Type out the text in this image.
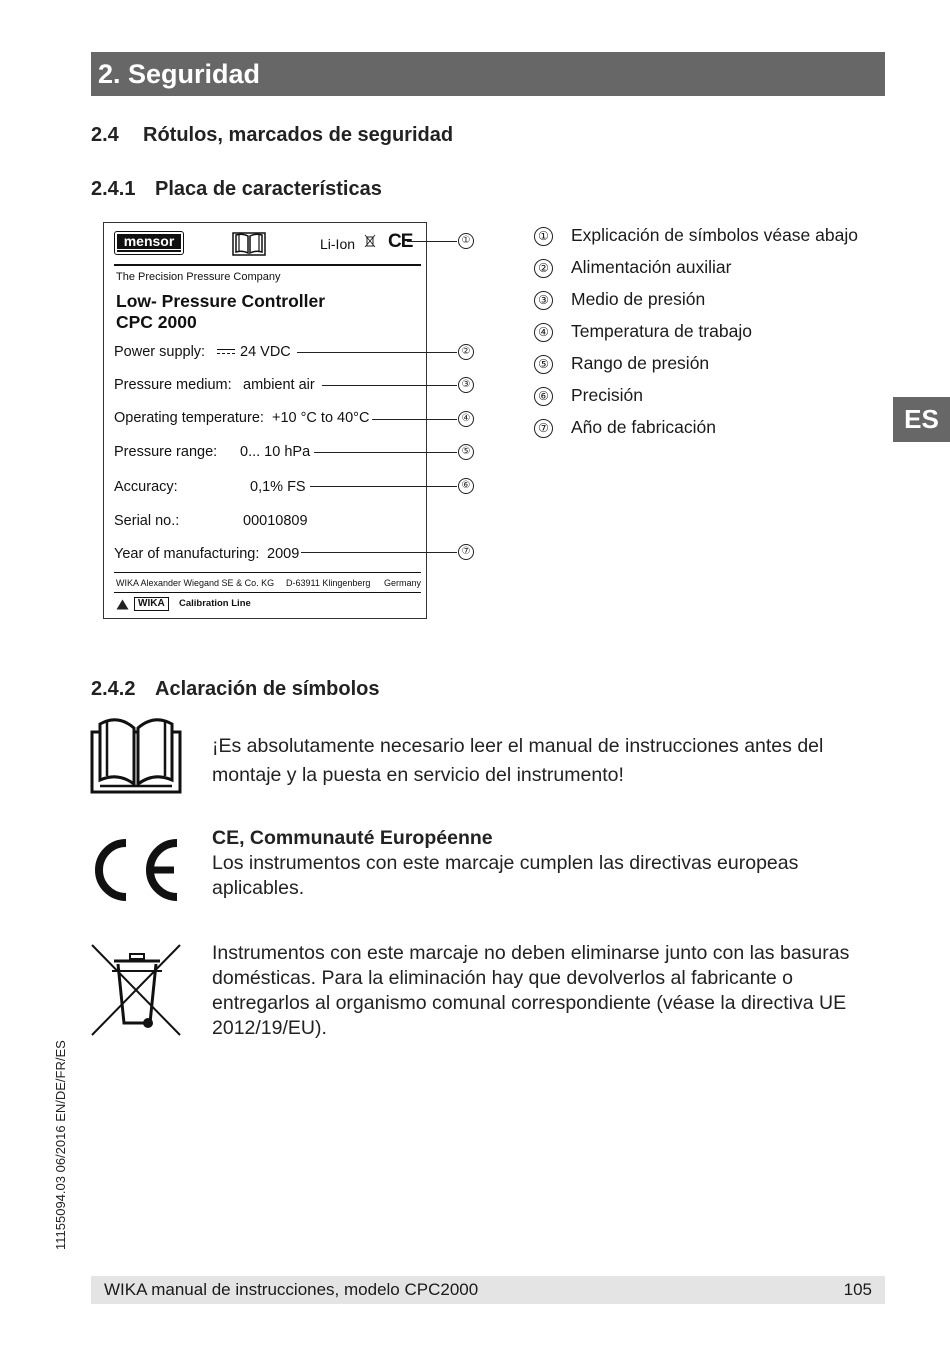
2. Seguridad
2.4 Rótulos, marcados de seguridad
2.4.1 Placa de características
mensor	Li-Ion CE
The Precision Pressure Company
Low- Pressure Controller
CPC 2000
Power supply: 24 VDC
Pressure medium: ambient air
Operating temperature: +10 °C to 40°C
Pressure range: 0... 10 hPa
Accuracy:	0,1% FS
Serial no.:	00010809
Year of manufacturing: 2009
WIKA Alexander Wiegand SE & Co. KG D-63911 Klingenberg Germany
WIKA	Calibration Line
①
②
③
④
⑤
⑥
⑦
① Explicación de símbolos véase abajo
② Alimentación auxiliar
③ Medio de presión
④ Temperatura de trabajo
⑤ Rango de presión
⑥ Precisión
⑦ Año de fabricación	ES
2.4.2 Aclaración de símbolos
¡Es absolutamente necesario leer el manual de instrucciones antes del montaje y la puesta en servicio del instrumento!
CE, Communauté Européenne
Los instrumentos con este marcaje cumplen las directivas europeas aplicables.
Instrumentos con este marcaje no deben eliminarse junto con las basuras domésticas. Para la eliminación hay que devolverlos al fabricante o entregarlos al organismo comunal correspondiente (véase la directiva UE 2012/19/EU).
11155094.03 06/2016 EN/DE/FR/ES
WIKA manual de instrucciones, modelo CPC2000	105
